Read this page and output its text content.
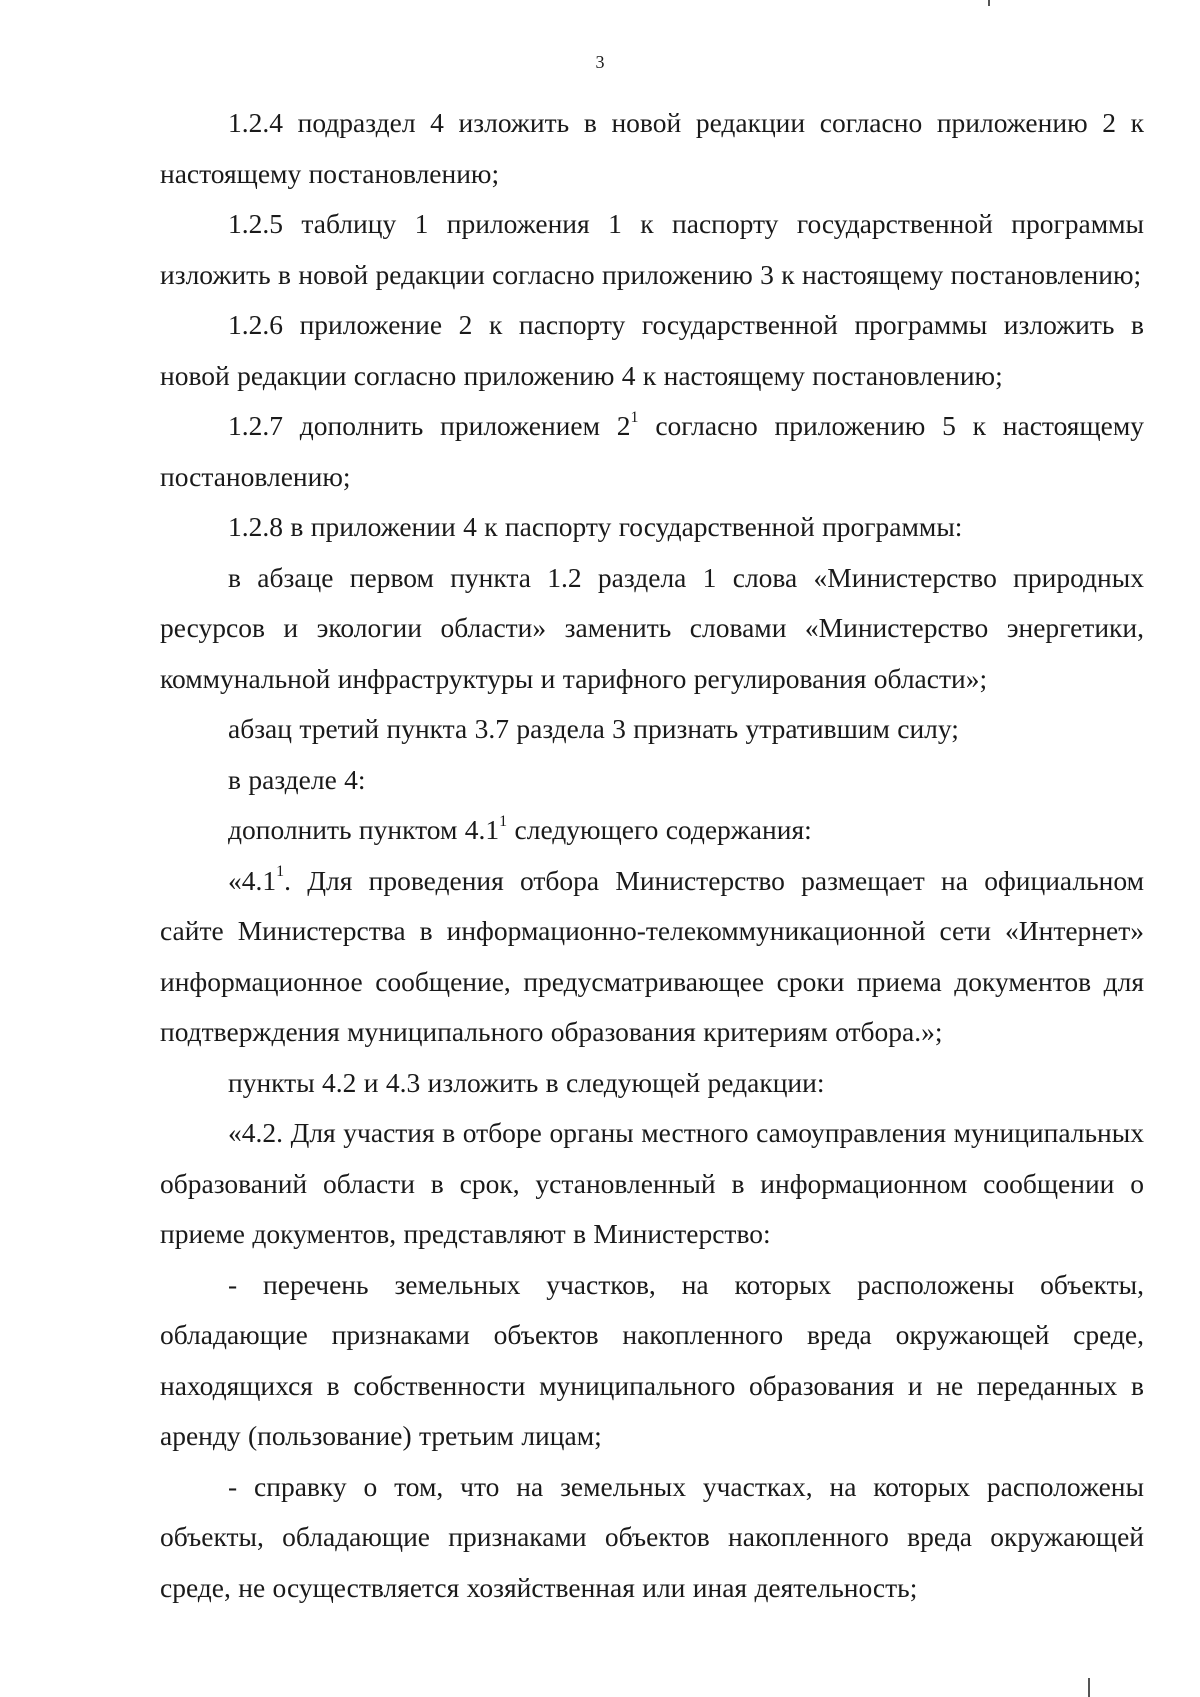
3

1.2.4 подраздел 4 изложить в новой редакции согласно приложению 2 к настоящему постановлению;

1.2.5 таблицу 1 приложения 1 к паспорту государственной программы изложить в новой редакции согласно приложению 3 к настоящему постановлению;

1.2.6 приложение 2 к паспорту государственной программы изложить в новой редакции согласно приложению 4 к настоящему постановлению;

1.2.7 дополнить приложением $2^1$ согласно приложению 5 к настоящему постановлению;

1.2.8 в приложении 4 к паспорту государственной программы:

в абзаце первом пункта 1.2 раздела 1 слова «Министерство природных ресурсов и экологии области» заменить словами «Министерство энергетики, коммунальной инфраструктуры и тарифного регулирования области»;

абзац третий пункта 3.7 раздела 3 признать утратившим силу;

в разделе 4:

дополнить пунктом $4.1^1$ следующего содержания:

«$4.1^1$. Для проведения отбора Министерство размещает на официальном сайте Министерства в информационно-телекоммуникационной сети «Интернет» информационное сообщение, предусматривающее сроки приема документов для подтверждения муниципального образования критериям отбора.»;

пункты 4.2 и 4.3 изложить в следующей редакции:

«4.2. Для участия в отборе органы местного самоуправления муниципальных образований области в срок, установленный в информационном сообщении о приеме документов, представляют в Министерство:

- перечень земельных участков, на которых расположены объекты, обладающие признаками объектов накопленного вреда окружающей среде, находящихся в собственности муниципального образования и не переданных в аренду (пользование) третьим лицам;

- справку о том, что на земельных участках, на которых расположены объекты, обладающие признаками объектов накопленного вреда окружающей среде, не осуществляется хозяйственная или иная деятельность;
